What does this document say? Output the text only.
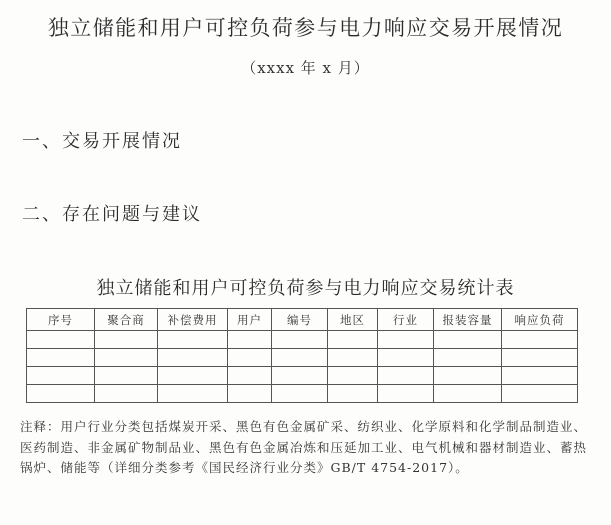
独立储能和用户可控负荷参与电力响应交易开展情况
（xxxx 年 x 月）
一、交易开展情况
二、存在问题与建议
独立储能和用户可控负荷参与电力响应交易统计表
序号	聚合商	补偿费用	用户	编号	地区	行业	报装容量	响应负荷

注释：用户行业分类包括煤炭开采、黑色有色金属矿采、纺织业、化学原料和化学制品制造业、
医药制造、非金属矿物制品业、黑色有色金属冶炼和压延加工业、电气机械和器材制造业、蓄热
锅炉、储能等（详细分类参考《国民经济行业分类》GB/T 4754-2017）。
